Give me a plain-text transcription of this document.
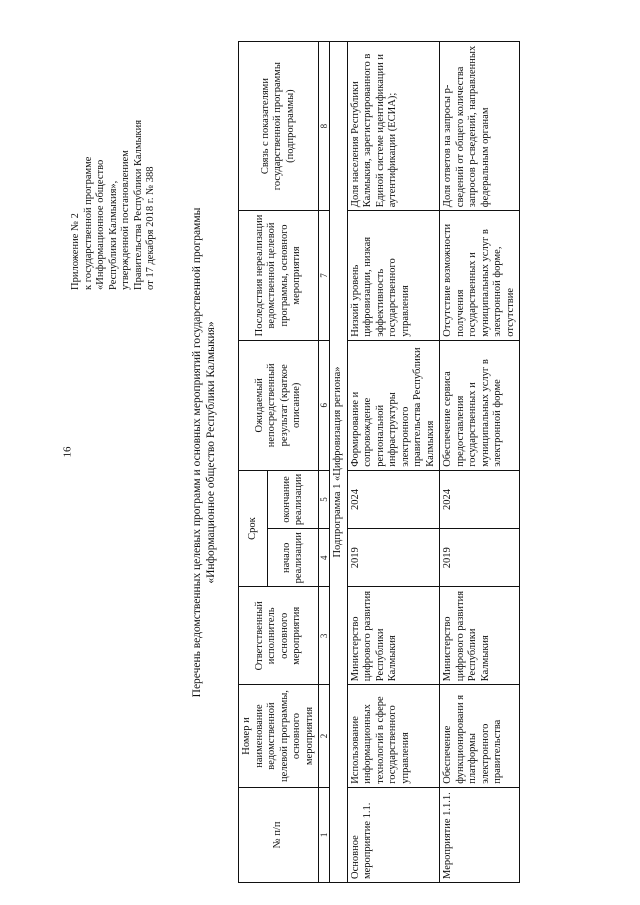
16
Приложение № 2 к государственной программе «Информационное общество Республики Калмыкия», утвержденной постановлением Правительства Республики Калмыкия от 17 декабря 2018 г. № 388	Перечень ведомственных целевых программ и основных мероприятий государственной программы «Информационное общество Республики Калмыкия»
№ п/п	Номер и наименование ведомственной целевой программы, основного мероприятия	Ответственный исполнитель основного мероприятия	Срок		Ожидаемый непосредственный результат (краткое описание)	Последствия нереализации ведомственной целевой программы, основного мероприятия	Связь с показателями государственной программы (подпрограммы)
			начало реализации	окончание реализации			
1	2	3	4	5	6	7	8
Подпрограмма 1 «Цифровизация региона»							
Основное мероприятие 1.1.	Использование информационных технологий в сфере государственного управления	Министерство цифрового развития Республики Калмыкия	2019	2024	Формирование и сопровождение региональной инфраструктуры электронного правительства Республики Калмыкия	Низкий уровень цифровизации, низкая эффективность государственного управления	Доля населения Республики Калмыкия, зарегистрированного в Единой системе идентификации и аутентификации (ЕСИА);
Мероприятие 1.1.1.	Обеспечение функционировани я платформы электронного правительства	Министерство цифрового развития Республики Калмыкия	2019	2024	Обеспечение сервиса предоставления государственных и муниципальных услуг в электронной форме	Отсутствие возможности получения государственных и муниципальных услуг в электронной форме, отсутствие	Доля ответов на запросы р-сведений от общего количества запросов р-сведений, направленных федеральным органам
